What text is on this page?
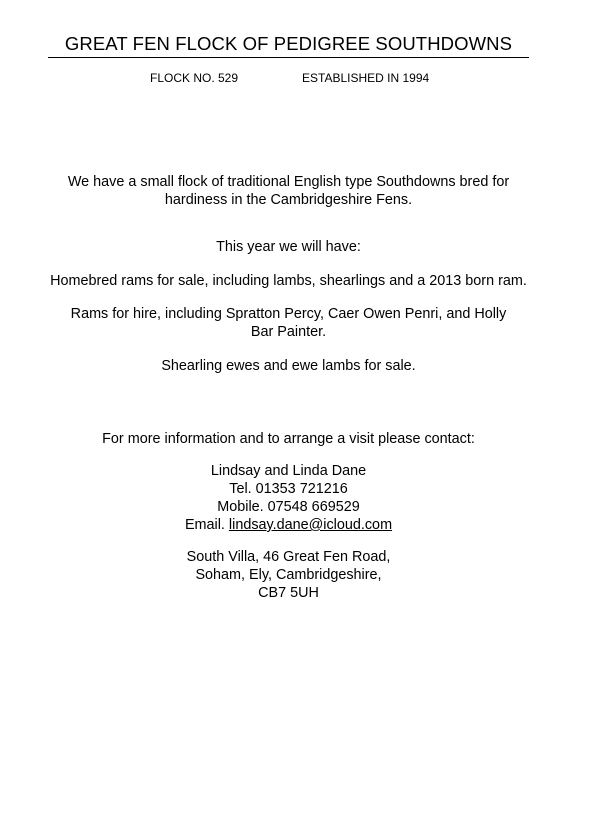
GREAT FEN FLOCK OF PEDIGREE SOUTHDOWNS
FLOCK NO. 529	ESTABLISHED IN 1994
We have a small flock of traditional English type Southdowns bred for
hardiness in the Cambridgeshire Fens.
This year we will have:
Homebred rams for sale, including lambs, shearlings and a 2013 born ram.
Rams for hire, including Spratton Percy, Caer Owen Penri, and Holly
Bar Painter.
Shearling ewes and ewe lambs for sale.
For more information and to arrange a visit please contact:
Lindsay and Linda Dane
Tel. 01353 721216
Mobile. 07548 669529
Email. lindsay.dane@icloud.com
South Villa, 46 Great Fen Road,
Soham, Ely, Cambridgeshire,
CB7 5UH
